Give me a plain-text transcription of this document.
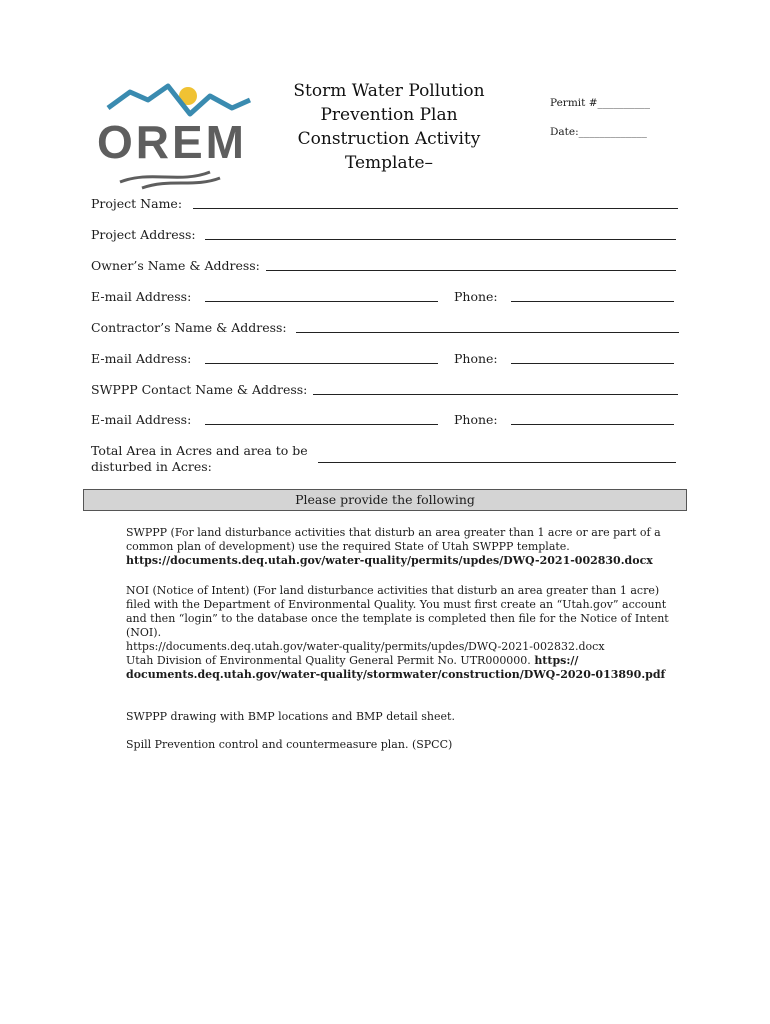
OREM
Storm Water Pollution
Prevention Plan
Construction Activity
Template–
Permit #__________
Date:_____________
Project Name:
Project Address:
Owner’s Name & Address:
E-mail Address:	Phone:
Contractor’s Name & Address:
E-mail Address:	Phone:
SWPPP Contact Name & Address:
E-mail Address:	Phone:
Total Area in Acres and area to be
disturbed in Acres:
Please provide the following
SWPPP (For land disturbance activities that disturb an area greater than 1 acre or are part of a common plan of development) use the required State of Utah SWPPP template.
https://documents.deq.utah.gov/water-quality/permits/updes/DWQ-2021-002830.docx
NOI (Notice of Intent) (For land disturbance activities that disturb an area greater than 1 acre) filed with the Department of Environmental Quality. You must first create an “Utah.gov” account and then “login” to the database once the template is completed then file for the Notice of Intent (NOI).
https://documents.deq.utah.gov/water-quality/permits/updes/DWQ-2021-002832.docx
Utah Division of Environmental Quality General Permit No. UTR000000. https://
documents.deq.utah.gov/water-quality/stormwater/construction/DWQ-2020-013890.pdf
SWPPP drawing with BMP locations and BMP detail sheet.
Spill Prevention control and countermeasure plan. (SPCC)
